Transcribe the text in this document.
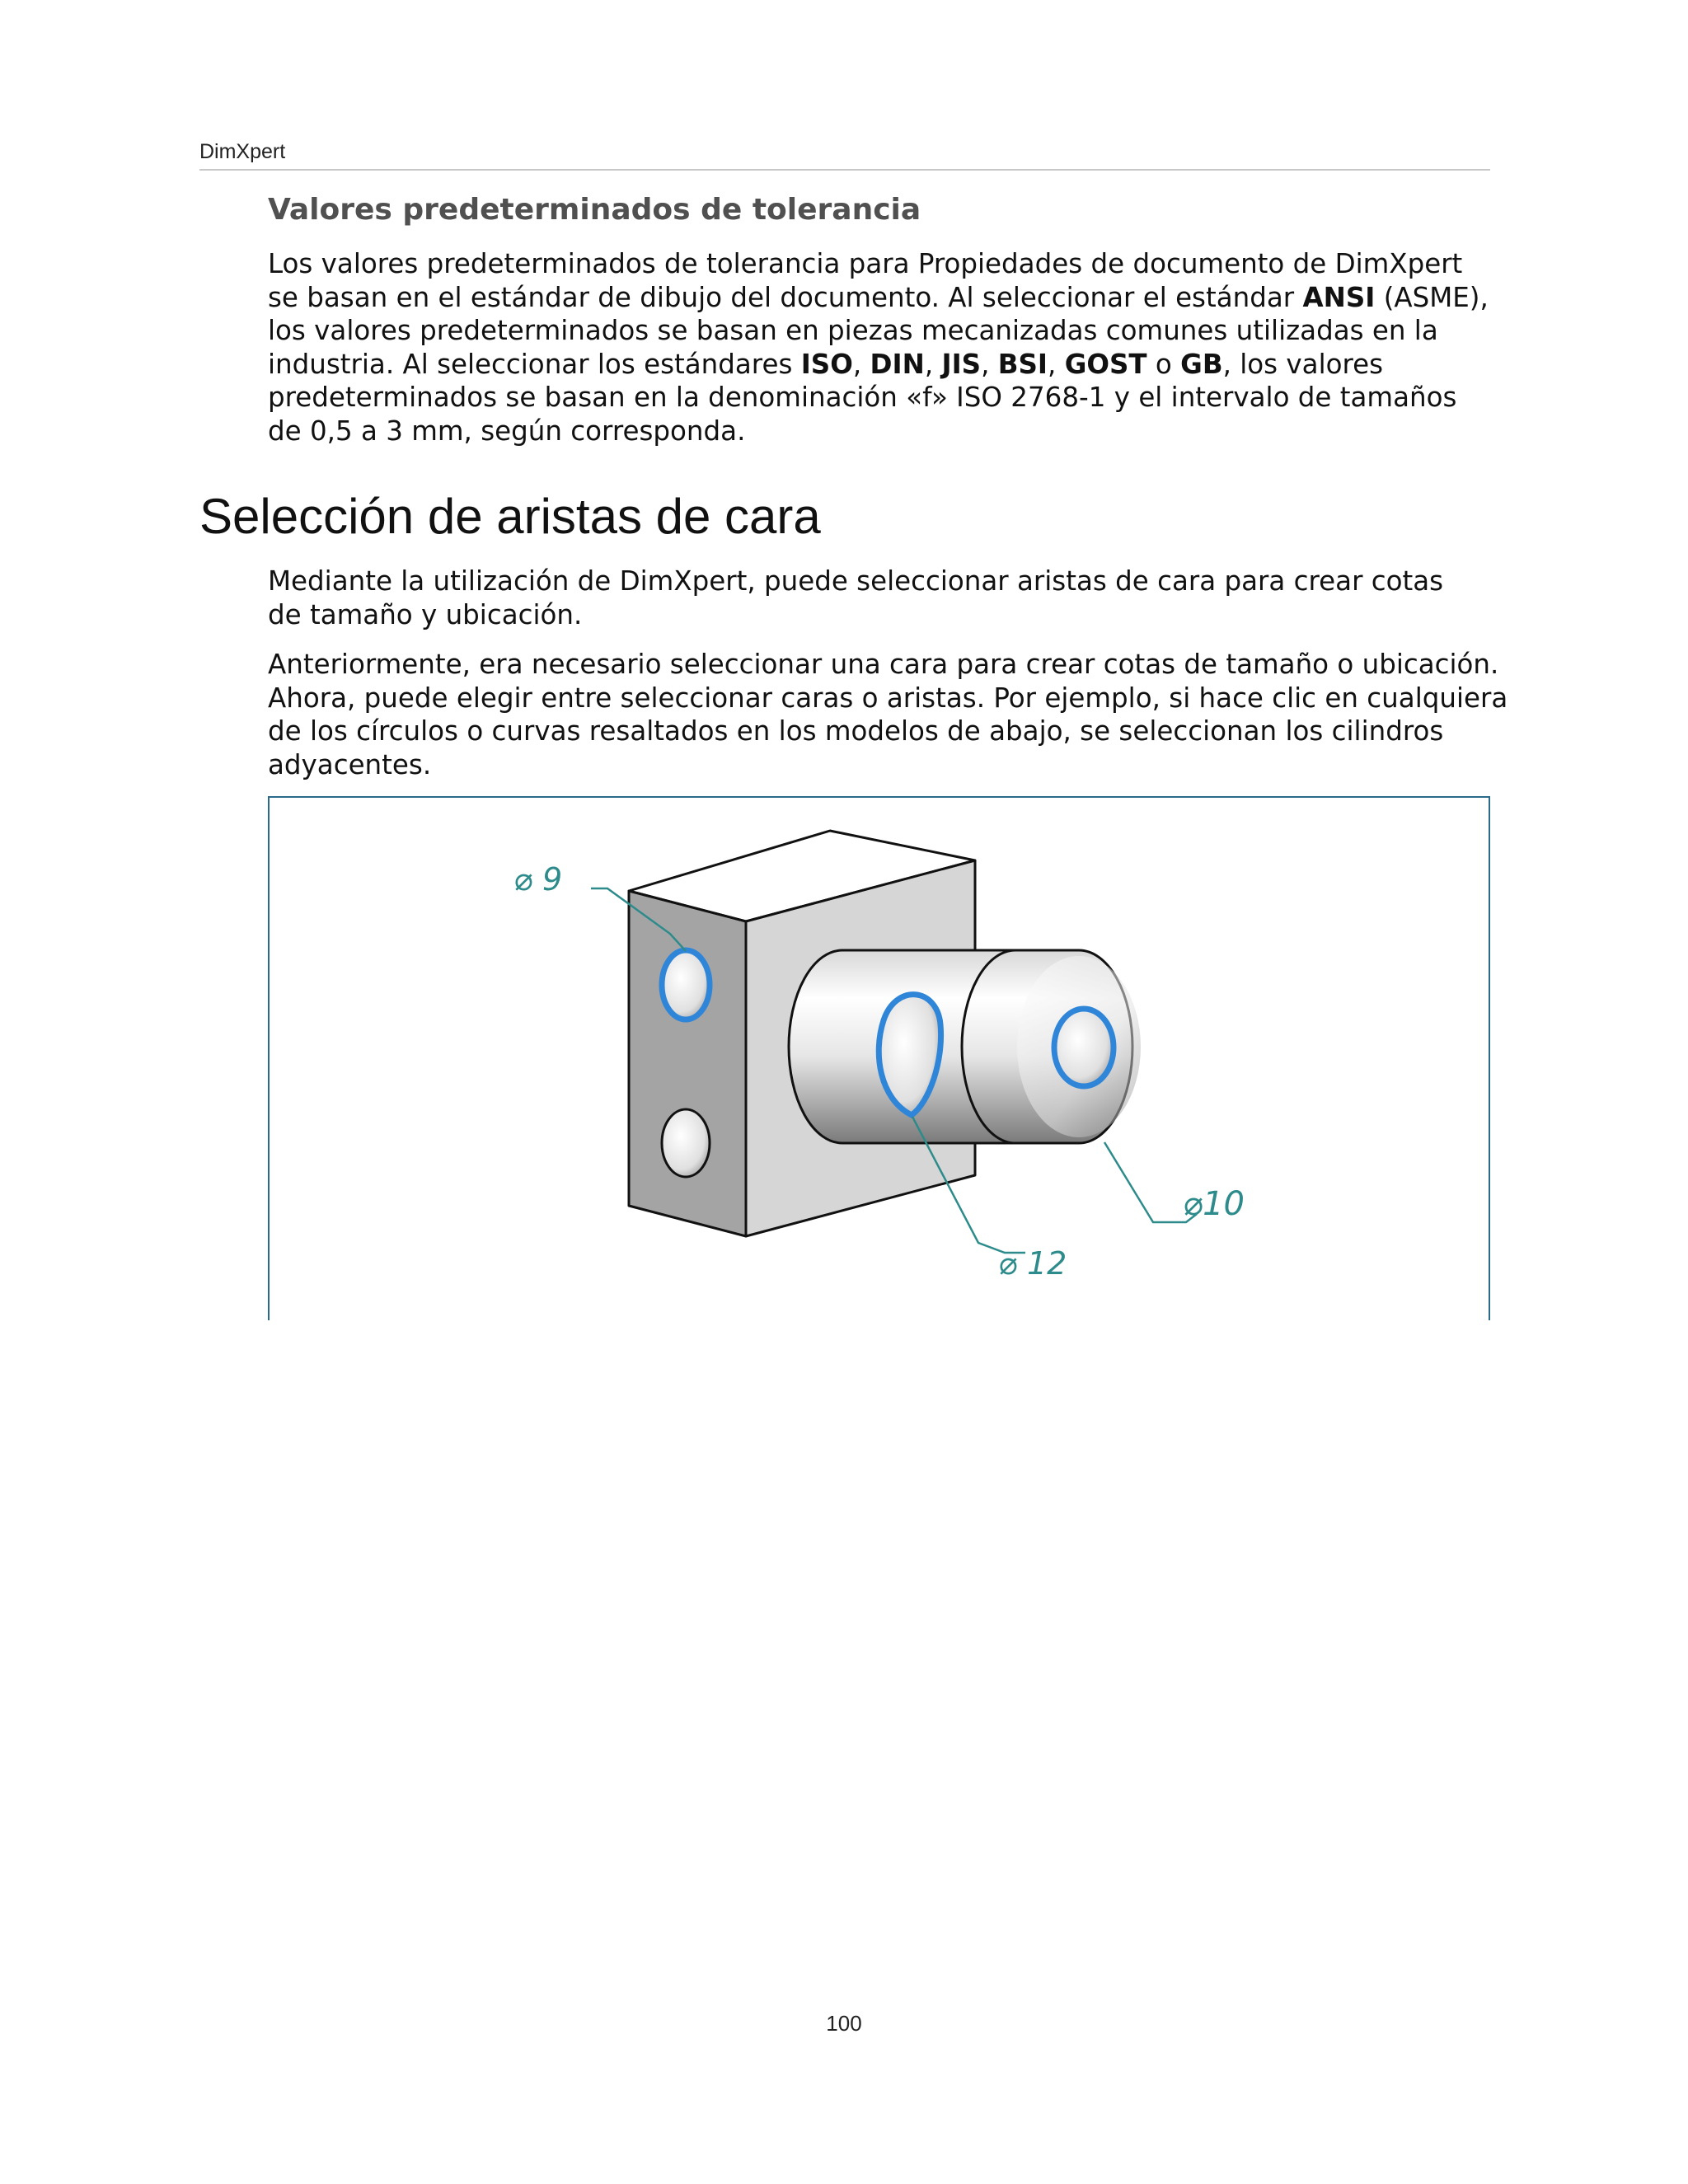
DimXpert
Valores predeterminados de tolerancia
Los valores predeterminados de tolerancia para Propiedades de documento de DimXpert
se basan en el estándar de dibujo del documento. Al seleccionar el estándar ANSI (ASME),
los valores predeterminados se basan en piezas mecanizadas comunes utilizadas en la
industria. Al seleccionar los estándares ISO, DIN, JIS, BSI, GOST o GB, los valores
predeterminados se basan en la denominación «f» ISO 2768-1 y el intervalo de tamaños
de 0,5 a 3 mm, según corresponda.
Selección de aristas de cara
Mediante la utilización de DimXpert, puede seleccionar aristas de cara para crear cotas
de tamaño y ubicación.
Anteriormente, era necesario seleccionar una cara para crear cotas de tamaño o ubicación.
Ahora, puede elegir entre seleccionar caras o aristas. Por ejemplo, si hace clic en cualquiera
de los círculos o curvas resaltados en los modelos de abajo, se seleccionan los cilindros
adyacentes.
⌀ 9
⌀ 12
⌀10
100
